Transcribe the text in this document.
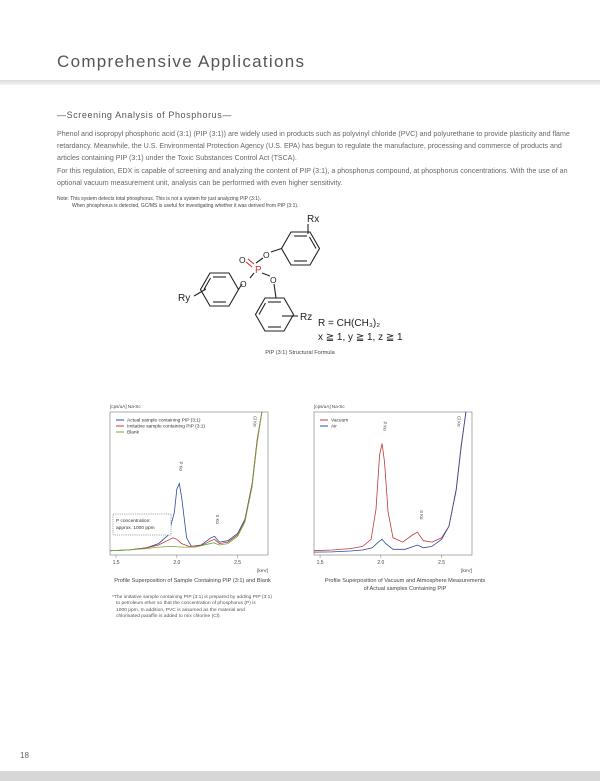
Comprehensive Applications
—Screening Analysis of Phosphorus—

Phenol and isopropyl phosphoric acid (3:1) (PIP (3:1)) are widely used in products such as polyvinyl chloride (PVC) and polyurethane to provide plasticity and flame retardancy. Meanwhile, the U.S. Environmental Protection Agency (U.S. EPA) has begun to regulate the manufacture, processing and commerce of products and articles containing PIP (3:1) under the Toxic Substances Control Act (TSCA).

For this regulation, EDX is capable of screening and analyzing the content of PIP (3:1), a phosphorus compound, at phosphorus concentrations. With the use of an optional vacuum measurement unit, analysis can be performed with even higher sensitivity.

Note: This system detects total phosphorus. This is not a system for just analyzing PIP (3:1).
When phosphorus is detected, GC/MS is useful for investigating whether it was derived from PIP (3:1).
Rx
Ry
Rz
P
O
O
O	O
R = CH(CH₃)₂
x ≧ 1, y ≧ 1, z ≧ 1
PIP (3:1) Structural Formula
[cps/uA] Na-Sc
1.5	2.0	2.5
[keV]
P Kα
S Kα
Cl Kα
Actual sample containing PIP (3:1)
Imitative sample containing PIP (3:1)
Blank
P concentration:
approx. 1000 ppm
Profile Superposition of Sample Containing PIP (3:1) and Blank
*The imitative sample containing PIP (3:1) is prepared by adding PIP (3:1)
to petroleum ether so that the concentration of phosphorus (P) is
1000 ppm. In addition, PVC is assumed as the material and
chlorinated paraffin is added to mix chlorine (Cl).
[cps/uA] Na-Sc
1.5	2.0	2.5
[keV]
P Kα
S Kα
Cl Kα
Vacuum
Air
Profile Superposition of Vacuum and Atmosphere Measurements
of Actual samples Containing PIP
18
